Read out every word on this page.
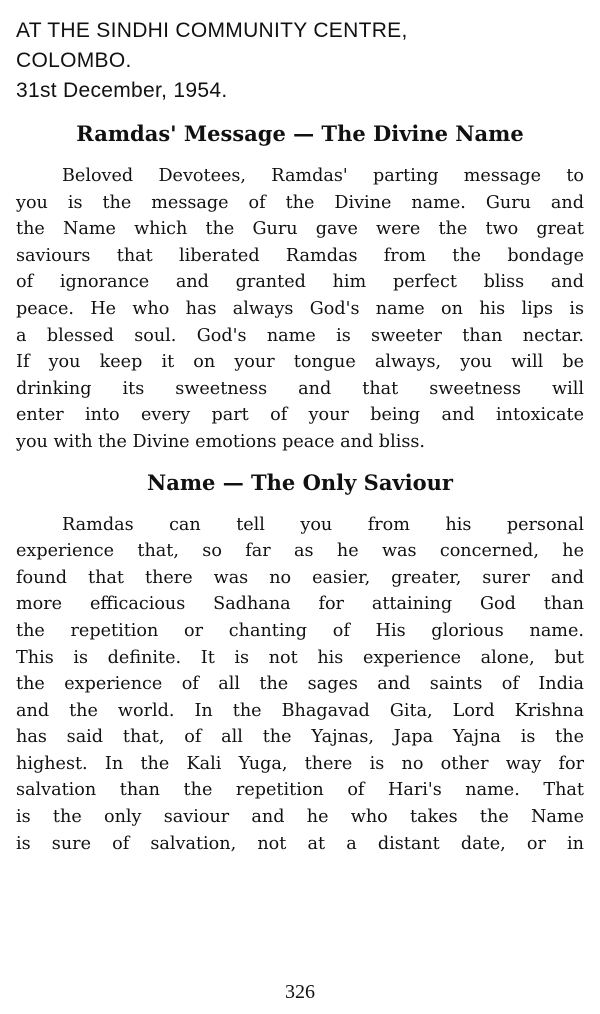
AT THE SINDHI COMMUNITY CENTRE,
COLOMBO.
31st December, 1954.
Ramdas' Message — The Divine Name
Beloved Devotees, Ramdas' parting message to
you is the message of the Divine name. Guru and
the Name which the Guru gave were the two great
saviours that liberated Ramdas from the bondage
of ignorance and granted him perfect bliss and
peace. He who has always God's name on his lips is
a blessed soul. God's name is sweeter than nectar.
If you keep it on your tongue always, you will be
drinking its sweetness and that sweetness will
enter into every part of your being and intoxicate
you with the Divine emotions peace and bliss.
Name — The Only Saviour
Ramdas can tell you from his personal
experience that, so far as he was concerned, he
found that there was no easier, greater, surer and
more efficacious Sadhana for attaining God than
the repetition or chanting of His glorious name.
This is definite. It is not his experience alone, but
the experience of all the sages and saints of India
and the world. In the Bhagavad Gita, Lord Krishna
has said that, of all the Yajnas, Japa Yajna is the
highest. In the Kali Yuga, there is no other way for
salvation than the repetition of Hari's name. That
is the only saviour and he who takes the Name
is sure of salvation, not at a distant date, or in
326
